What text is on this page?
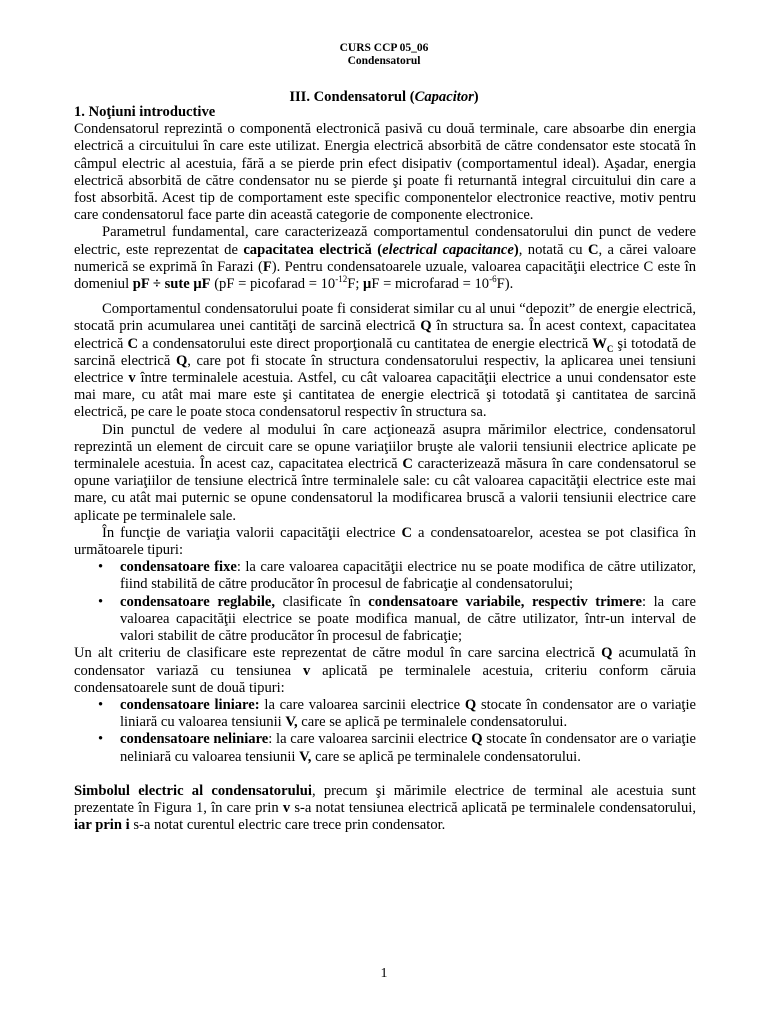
CURS CCP 05_06
Condensatorul
III. Condensatorul (Capacitor)
1. Noţiuni introductive

Condensatorul reprezintă o componentă electronică pasivă cu două terminale, care absoarbe din energia electrică a circuitului în care este utilizat. Energia electrică absorbită de către condensator este stocată în câmpul electric al acestuia, fără a se pierde prin efect disipativ (comportamentul ideal). Aşadar, energia electrică absorbită de către condensator nu se pierde şi poate fi returnantă integral circuitului din care a fost absorbită. Acest tip de comportament este specific componentelor electronice reactive, motiv pentru care condensatorul face parte din această categorie de componente electronice.

Parametrul fundamental, care caracterizează comportamentul condensatorului din punct de vedere electric, este reprezentat de capacitatea electrică (electrical capacitance), notată cu C, a cărei valoare numerică se exprimă în Farazi (F). Pentru condensatoarele uzuale, valoarea capacităţii electrice C este în domeniul pF ÷ sute μF (pF = picofarad = $10^{-12}F$; μF = microfarad = $10^{-6}F$).

Comportamentul condensatorului poate fi considerat similar cu al unui “depozit” de energie electrică, stocată prin acumularea unei cantităţi de sarcină electrică Q în structura sa. În acest context, capacitatea electrică C a condensatorului este direct proporţională cu cantitatea de energie electrică $W_C$ şi totodată de sarcină electrică Q, care pot fi stocate în structura condensatorului respectiv, la aplicarea unei tensiuni electrice v între terminalele acestuia. Astfel, cu cât valoarea capacităţii electrice a unui condensator este mai mare, cu atât mai mare este şi cantitatea de energie electrică şi totodată şi cantitatea de sarcină electrică, pe care le poate stoca condensatorul respectiv în structura sa.

Din punctul de vedere al modului în care acţionează asupra mărimilor electrice, condensatorul reprezintă un element de circuit care se opune variaţiilor bruşte ale valorii tensiunii electrice aplicate pe terminalele acestuia. În acest caz, capacitatea electrică C caracterizează măsura în care condensatorul se opune variaţiilor de tensiune electrică între terminalele sale: cu cât valoarea capacităţii electrice este mai mare, cu atât mai puternic se opune condensatorul la modificarea bruscă a valorii tensiunii electrice care aplicate pe terminalele sale.

În funcţie de variaţia valorii capacităţii electrice C a condensatoarelor, acestea se pot clasifica în următoarele tipuri:

• condensatoare fixe: la care valoarea capacităţii electrice nu se poate modifica de către utilizator, fiind stabilită de către producător în procesul de fabricaţie al condensatorului;
• condensatoare reglabile, clasificate în condensatoare variabile, respectiv trimere: la care valoarea capacităţii electrice se poate modifica manual, de către utilizator, într-un interval de valori stabilit de către producător în procesul de fabricaţie;

Un alt criteriu de clasificare este reprezentat de către modul în care sarcina electrică Q acumulată în condensator variază cu tensiunea v aplicată pe terminalele acestuia, criteriu conform căruia condensatoarele sunt de două tipuri:

• condensatoare liniare: la care valoarea sarcinii electrice Q stocate în condensator are o variaţie liniară cu valoarea tensiunii V, care se aplică pe terminalele condensatorului.
• condensatoare neliniare: la care valoarea sarcinii electrice Q stocate în condensator are o variaţie neliniară cu valoarea tensiunii V, care se aplică pe terminalele condensatorului.

Simbolul electric al condensatorului, precum şi mărimile electrice de terminal ale acestuia sunt prezentate în Figura 1, în care prin v s-a notat tensiunea electrică aplicată pe terminalele condensatorului, iar prin i s-a notat curentul electric care trece prin condensator.

1
